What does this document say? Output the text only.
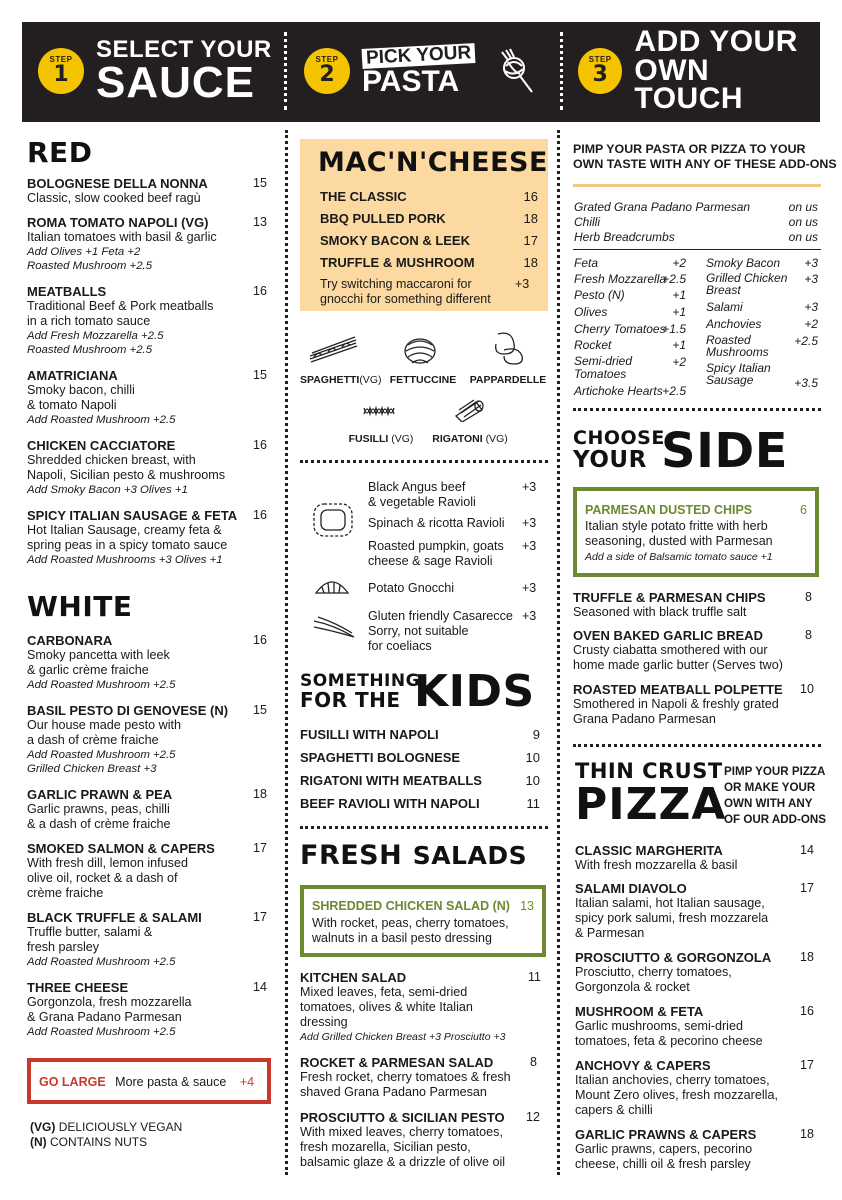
STEP
1
SELECT YOUR
SAUCE	STEP
2
PICK YOUR
PASTA
STEP
3
ADD YOUR
OWN TOUCH
RED
BOLOGNESE DELLA NONNA
Classic, slow cooked beef ragù
15
ROMA TOMATO NAPOLI (VG)
Italian tomatoes with basil & garlic
Add Olives +1 Feta +2
Roasted Mushroom +2.5
13
MEATBALLS
Traditional Beef & Pork meatballs
in a rich tomato sauce
Add Fresh Mozzarella +2.5
Roasted Mushroom +2.5
16
AMATRICIANA
Smoky bacon, chilli
& tomato Napoli
Add Roasted Mushroom +2.5
15
CHICKEN CACCIATORE
Shredded chicken breast, with
Napoli, Sicilian pesto & mushrooms
Add Smoky Bacon +3 Olives +1
16
SPICY ITALIAN SAUSAGE & FETA
Hot Italian Sausage, creamy feta &
spring peas in a spicy tomato sauce
Add Roasted Mushrooms +3 Olives +1
16
WHITE
CARBONARA
Smoky pancetta with leek
& garlic crème fraiche
Add Roasted Mushroom +2.5
16
BASIL PESTO DI GENOVESE (N)
Our house made pesto with
a dash of crème fraiche
Add Roasted Mushroom +2.5
Grilled Chicken Breast +3
15
GARLIC PRAWN & PEA
Garlic prawns, peas, chilli
& a dash of crème fraiche
18
SMOKED SALMON & CAPERS
With fresh dill, lemon infused
olive oil, rocket & a dash of
crème fraiche
17
BLACK TRUFFLE & SALAMI
Truffle butter, salami &
fresh parsley
Add Roasted Mushroom +2.5
17
THREE CHEESE
Gorgonzola, fresh mozzarella
& Grana Padano Parmesan
Add Roasted Mushroom +2.5
14
GO LARGE More pasta & sauce +4
(VG) DELICIOUSLY VEGAN
(N) CONTAINS NUTS
MAC'N'CHEESE
THE CLASSIC	16
BBQ PULLED PORK	18
SMOKY BACON & LEEK	17
TRUFFLE & MUSHROOM	18
Try switching maccaroni for
gnocchi for something different
+3
SPAGHETTI(VG) FETTUCCINE PAPPARDELLE
FUSILLI (VG)	RIGATONI (VG)
Black Angus beef
& vegetable Ravioli
+3
Spinach & ricotta Ravioli	+3
Roasted pumpkin, goats
cheese & sage Ravioli
+3
Potato Gnocchi	+3
Gluten friendly Casarecce
Sorry, not suitable
for coeliacs
+3
SOMETHING
FOR THE KIDS
FUSILLI WITH NAPOLI	9
SPAGHETTI BOLOGNESE	10
RIGATONI WITH MEATBALLS	10
BEEF RAVIOLI WITH NAPOLI	11
FRESH SALADS
SHREDDED CHICKEN SALAD (N) 13
With rocket, peas, cherry tomatoes,
walnuts in a basil pesto dressing
KITCHEN SALAD
Mixed leaves, feta, semi-dried
tomatoes, olives & white Italian
dressing
Add Grilled Chicken Breast +3 Prosciutto +3
11
ROCKET & PARMESAN SALAD
Fresh rocket, cherry tomatoes & fresh
shaved Grana Padano Parmesan
8
PROSCIUTTO & SICILIAN PESTO
With mixed leaves, cherry tomatoes,
fresh mozarella, Sicilian pesto,
balsamic glaze & a drizzle of olive oil
12
PIMP YOUR PASTA OR PIZZA TO YOUR
OWN TASTE WITH ANY OF THESE ADD-ONS
Grated Grana Padano Parmesan	on us
Chilli	on us
Herb Breadcrumbs	on us
Feta	+2
Fresh Mozzarella
+2.5
Pesto (N)	+1
Olives	+1
Cherry Tomatoes
+1.5
Rocket	+1
Semi-dried
Tomatoes
+2
Artichoke Hearts +2.5
Smoky Bacon	+3
Grilled Chicken
Breast
+3
Salami	+3
Anchovies	+2
Roasted
Mushrooms
+2.5
Spicy Italian
Sausage	+3.5
CHOOSE
YOUR SIDE
PARMESAN DUSTED CHIPS	6
Italian style potato fritte with herb
seasoning, dusted with Parmesan
Add a side of Balsamic tomato sauce +1
TRUFFLE & PARMESAN CHIPS
Seasoned with black truffle salt
8
OVEN BAKED GARLIC BREAD
Crusty ciabatta smothered with our
home made garlic butter (Serves two)
8
ROASTED MEATBALL POLPETTE
Smothered in Napoli & freshly grated
Grana Padano Parmesan
10
THIN CRUST
PIZZA
PIMP YOUR PIZZA
OR MAKE YOUR
OWN WITH ANY
OF OUR ADD-ONS
CLASSIC MARGHERITA
With fresh mozzarella & basil
14
SALAMI DIAVOLO
Italian salami, hot Italian sausage,
spicy pork salumi, fresh mozzarela
& Parmesan
17
PROSCIUTTO & GORGONZOLA
Prosciutto, cherry tomatoes,
Gorgonzola & rocket
18
MUSHROOM & FETA
Garlic mushrooms, semi-dried
tomatoes, feta & pecorino cheese
16
ANCHOVY & CAPERS
Italian anchovies, cherry tomatoes,
Mount Zero olives, fresh mozzarella,
capers & chilli
17
GARLIC PRAWNS & CAPERS
Garlic prawns, capers, pecorino
cheese, chilli oil & fresh parsley
18
